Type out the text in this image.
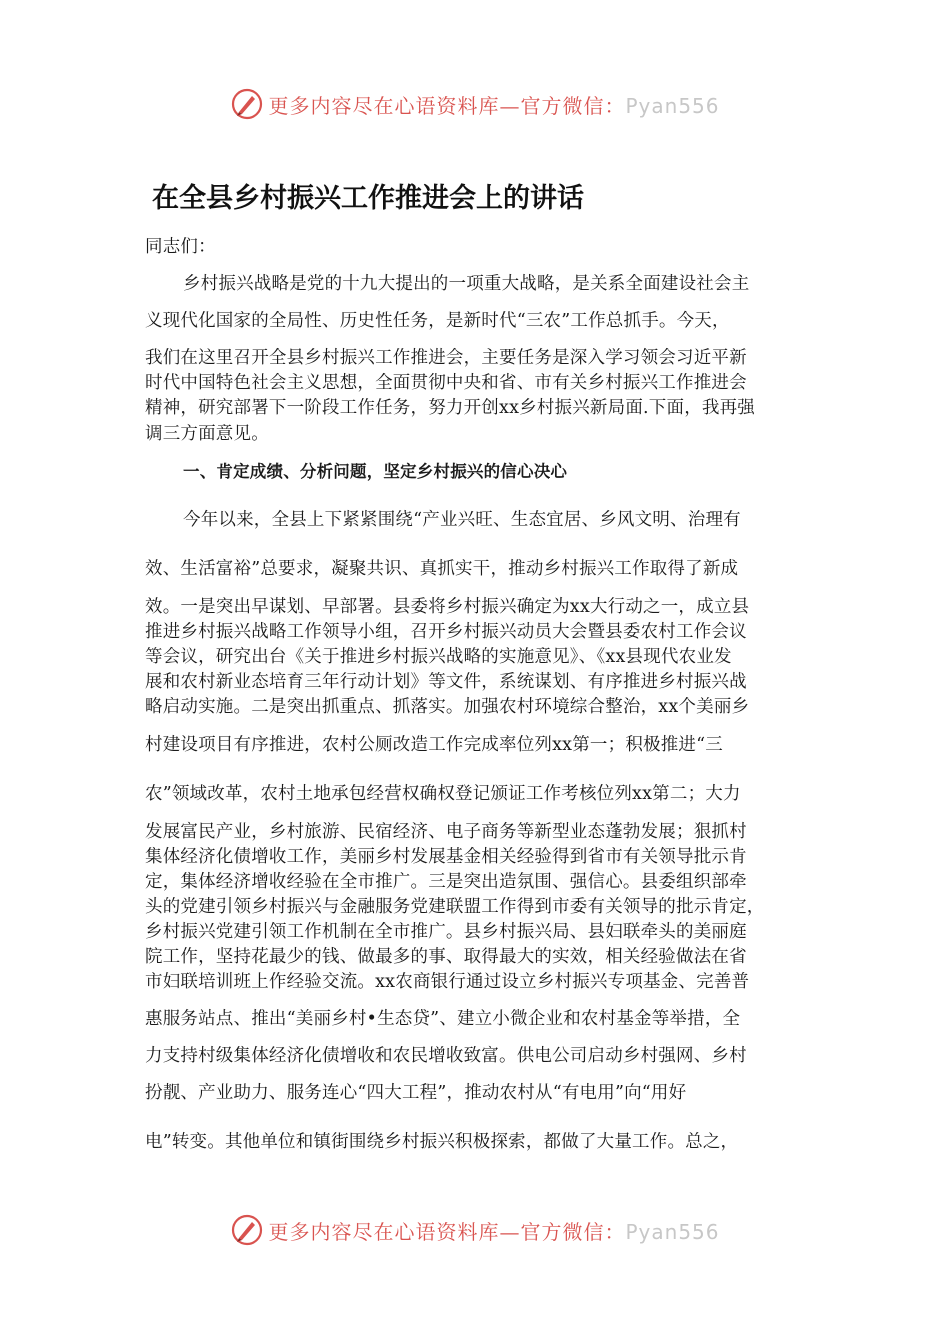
更多内容尽在心语资料库—官方微信：Pyan556
在全县乡村振兴工作推进会上的讲话
同志们：
乡村振兴战略是党的十九大提出的一项重大战略，是关系全面建设社会主
义现代化国家的全局性、历史性任务，是新时代“三农”工作总抓手。今天，
我们在这里召开全县乡村振兴工作推进会，主要任务是深入学习领会习近平新
时代中国特色社会主义思想，全面贯彻中央和省、市有关乡村振兴工作推进会
精神，研究部署下一阶段工作任务，努力开创xx乡村振兴新局面.下面，我再强
调三方面意见。
一、肯定成绩、分析问题，坚定乡村振兴的信心决心
今年以来，全县上下紧紧围绕“产业兴旺、生态宜居、乡风文明、治理有
效、生活富裕”总要求，凝聚共识、真抓实干，推动乡村振兴工作取得了新成
效。一是突出早谋划、早部署。县委将乡村振兴确定为xx大行动之一，成立县
推进乡村振兴战略工作领导小组，召开乡村振兴动员大会暨县委农村工作会议
等会议，研究出台《关于推进乡村振兴战略的实施意见》、《xx县现代农业发
展和农村新业态培育三年行动计划》等文件，系统谋划、有序推进乡村振兴战
略启动实施。二是突出抓重点、抓落实。加强农村环境综合整治，xx个美丽乡
村建设项目有序推进，农村公厕改造工作完成率位列xx第一；积极推进“三
农”领域改革，农村土地承包经营权确权登记颁证工作考核位列xx第二；大力
发展富民产业，乡村旅游、民宿经济、电子商务等新型业态蓬勃发展；狠抓村
集体经济化债增收工作，美丽乡村发展基金相关经验得到省市有关领导批示肯
定，集体经济增收经验在全市推广。三是突出造氛围、强信心。县委组织部牵
头的党建引领乡村振兴与金融服务党建联盟工作得到市委有关领导的批示肯定，
乡村振兴党建引领工作机制在全市推广。县乡村振兴局、县妇联牵头的美丽庭
院工作，坚持花最少的钱、做最多的事、取得最大的实效，相关经验做法在省
市妇联培训班上作经验交流。xx农商银行通过设立乡村振兴专项基金、完善普
惠服务站点、推出“美丽乡村•生态贷”、建立小微企业和农村基金等举措，全
力支持村级集体经济化债增收和农民增收致富。供电公司启动乡村强网、乡村
扮靓、产业助力、服务连心“四大工程”，推动农村从“有电用”向“用好
电”转变。其他单位和镇街围绕乡村振兴积极探索，都做了大量工作。总之，
更多内容尽在心语资料库—官方微信：Pyan556
